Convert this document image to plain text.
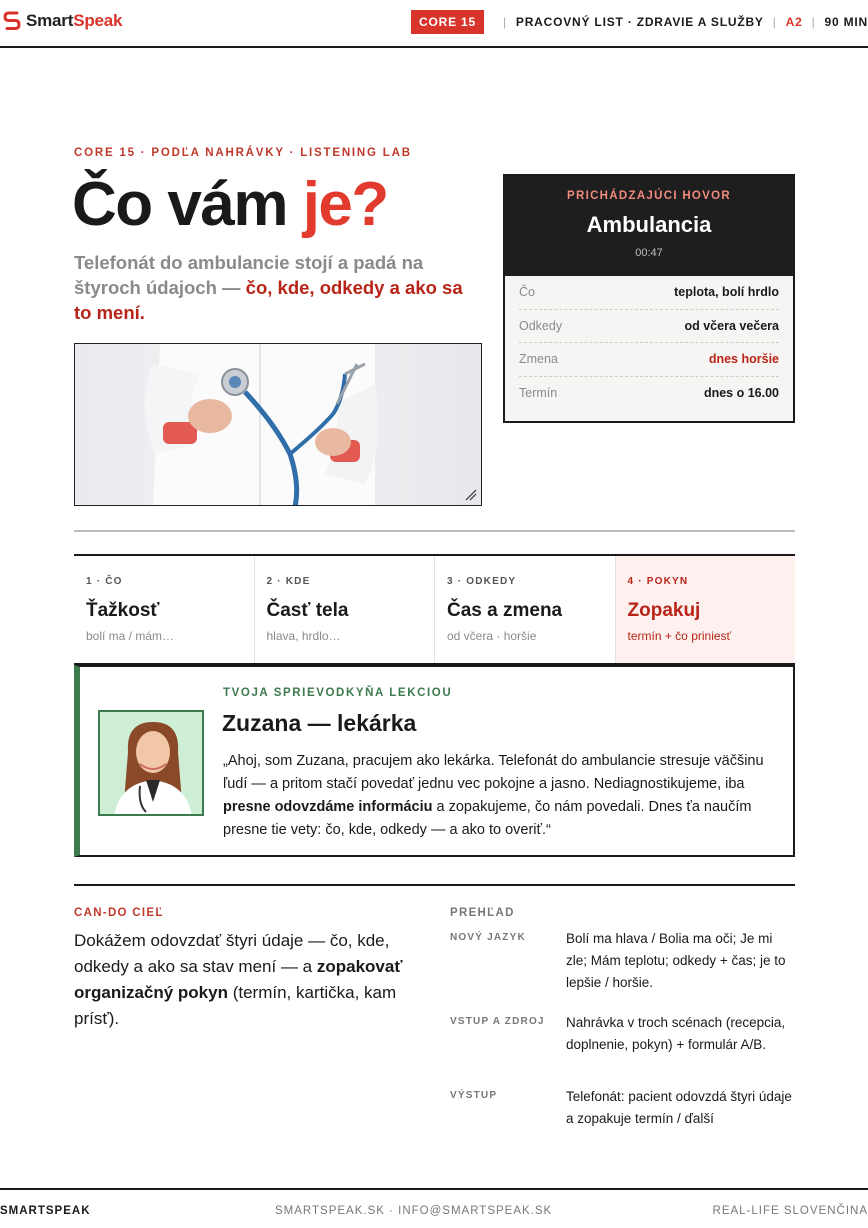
SmartSpeak	CORE 15	| PRACOVNÝ LIST · ZDRAVIE A SLUŽBY | A2 | 90 MIN
CORE 15 · PODĽA NAHRÁVKY · LISTENING LAB
Čo vám je?
Telefonát do ambulancie stojí a padá na štyroch údajoch — čo, kde, odkedy a ako sa to mení.
PRICHÁDZAJÚCI HOVOR
Ambulancia
00:47
Čo	teplota, bolí hrdlo
Odkedy	od včera večera
Zmena	dnes horšie
Termín	dnes o 16.00
1 · ČO
Ťažkosť
bolí ma / mám…
2 · KDE
Časť tela
hlava, hrdlo…
3 · ODKEDY
Čas a zmena
od včera · horšie
4 · POKYN
Zopakuj
termín + čo priniesť
TVOJA SPRIEVODKYŇA LEKCIOU
Zuzana — lekárka
„Ahoj, som Zuzana, pracujem ako lekárka. Telefonát do ambulancie stresuje väčšinu ľudí — a pritom stačí povedať jednu vec pokojne a jasno. Nediagnostikujeme, iba presne odovzdáme informáciu a zopakujeme, čo nám povedali. Dnes ťa naučím presne tie vety: čo, kde, odkedy — a ako to overiť.“
CAN-DO CIEĽ
Dokážem odovzdať štyri údaje — čo, kde, odkedy a ako sa stav mení — a zopakovať organizačný pokyn (termín, kartička, kam prísť).
PREHĽAD
NOVÝ JAZYK	Bolí ma hlava / Bolia ma oči; Je mi zle; Mám teplotu; odkedy + čas; je to lepšie / horšie.
VSTUP A ZDROJ Nahrávka v troch scénach (recepcia, doplnenie, pokyn) + formulár A/B.
VÝSTUP	Telefonát: pacient odovzdá štyri údaje a zopakuje termín / ďalší
SMARTSPEAK	SMARTSPEAK.SK · INFO@SMARTSPEAK.SK	REAL-LIFE SLOVENČINA
